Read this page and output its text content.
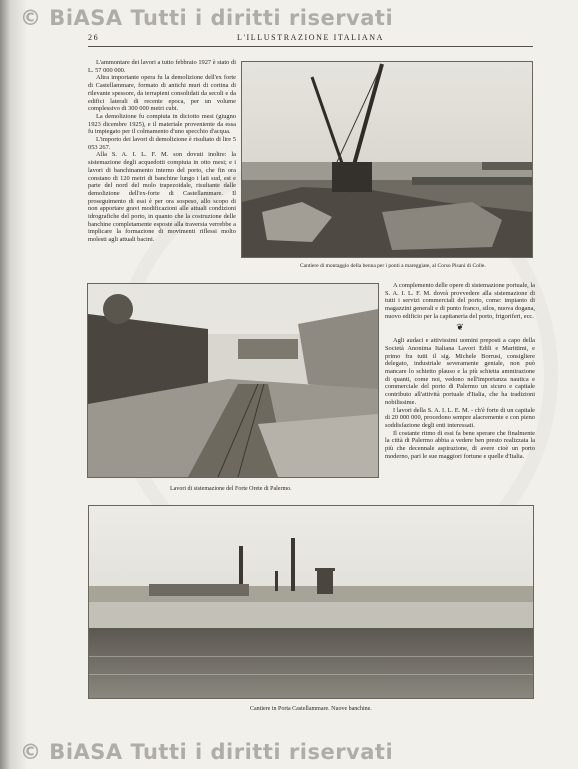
© BiASA Tutti i diritti riservati
26	L'ILLUSTRAZIONE ITALIANA

L'ammontare dei lavori a tutto febbraio 1927 è stato di L. 57 000 000.

Altra importante opera fu la demolizione dell'ex forte di Castellammare, formato di antichi muri di cortina di rilevante spessore, da terrapieni consolidati da secoli e da edifici laterali di recente epoca, per un volume complessivo di 300 000 metri cubi.

La demolizione fu compiuta in diciotto mesi (giugno 1923 dicembre 1925), e il materiale proveniente da essa fu impiegato per il colmamento d'uno specchio d'acqua.

L'importo dei lavori di demolizione è risultato di lire 5 053 267.

Alla S. A. I. L. F. M. son dovuti inoltre: la sistemazione degli acquedotti compiuta in otto mesi; e i lavori di banchinamento interno del porto, che fin ora constano di 120 metri di banchine lungo i lati sud, est e parte del nord del molo trapezoidale, risultante dalle demolizione dell'ex-forte di Castellammare. Il proseguimento di essi è per ora sospeso, allo scopo di non apportare gravi modificazioni alle attuali condizioni idrografiche del porto, in quanto che la costruzione delle banchine completamente esposte alla traversia verrebbe a implicare la formazione di movimenti riflessi molto molesti agli attuali bacini.

Cantiere di montaggio della benna per i ponti a mareggiate, al Corso Pisani di Colle.
Lavori di sistemazione del Forte Orete di Palermo.

A complemento delle opere di sistemazione portuale, la S. A. I. L. F. M. dovrà provvedere alla sistemazione di tutti i servizi commerciali del porto, come: impianto di magazzini generali e di punto franco, silos, nuova dogana, nuovo edificio per la capitaneria del porto, frigoriferi, ecc.

❦

Agli audaci e attivissimi uomini preposti a capo della Società Anonima Italiana Lavori Edili e Marittimi, e primo fra tutti il sig. Michele Borrusi, consigliere delegato, industriale severamente geniale, non può mancare lo schietto plauso e la più schietta ammirazione di quanti, come noi, vedono nell'importanza nautica e commerciale del porto di Palermo un sicuro e capitale contributo all'attività portuale d'Italia, che ha tradizioni nobilissime.

I lavori della S. A. I. L. E. M. - ch'è forte di un capitale di 20 000 000, procedono sempre alacremente e con pieno soddisfazione degli enti interessati.

Il costante ritmo di essi fa bene sperare che finalmente la città di Palermo abbia a vedere ben presto realizzata la più che decennale aspirazione, di avere cioè un porto moderno, pari le sue maggiori fortune e quelle d'Italia.

Cantiere in Porta Castellammare. Nuove banchine.
© BiASA Tutti i diritti riservati
